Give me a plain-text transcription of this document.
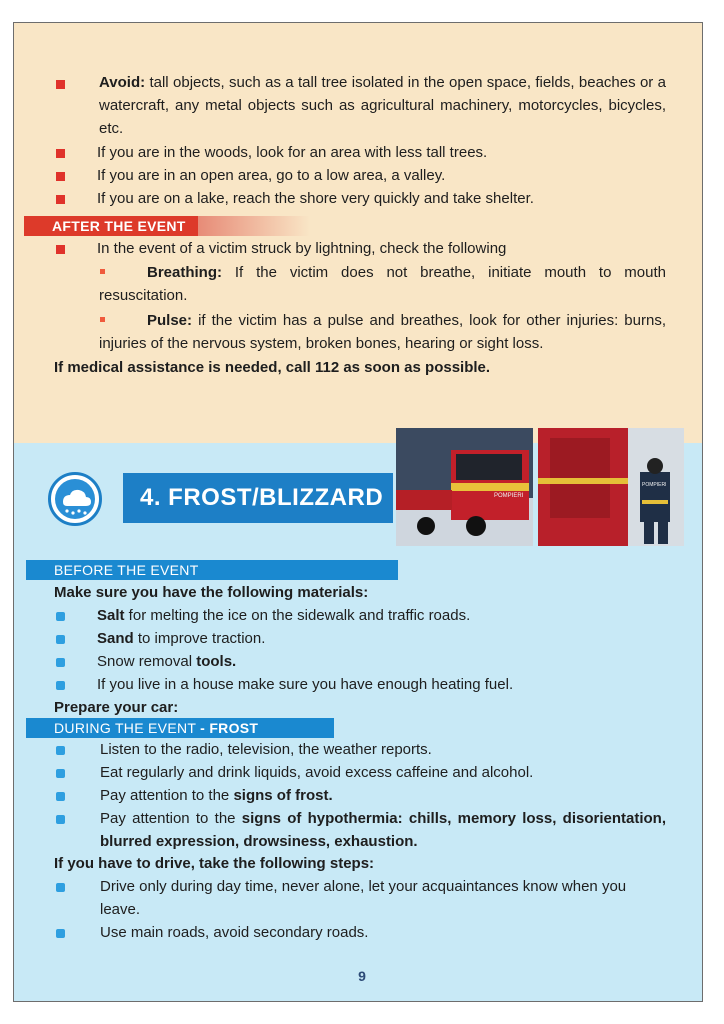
Avoid: tall objects, such as a tall tree isolated in the open space, fields, beaches or a watercraft, any metal objects such as agricultural machinery, motorcycles, bicycles, etc.

If you are in the woods, look for an area with less tall trees.

If you are in an open area, go to a low area, a valley.

If you are on a lake, reach the shore very quickly and take shelter.

AFTER THE EVENT

In the event of a victim struck by lightning, check the following

Breathing: If the victim does not breathe, initiate mouth to mouth resuscitation.

Pulse: if the victim has a pulse and breathes, look for other injuries: burns, injuries of the nervous system, broken bones, hearing or sight loss.

If medical assistance is needed, call 112 as soon as possible.

4. FROST/BLIZZARD	POMPIERI
POMPIERI
BEFORE THE EVENT

Make sure you have the following materials:

Salt for melting the ice on the sidewalk and traffic roads.

Sand to improve traction.

Snow removal tools.

If you live in a house make sure you have enough heating fuel.

Prepare your car:

DURING THE EVENT - FROST

Listen to the radio, television, the weather reports.

Eat regularly and drink liquids, avoid excess caffeine and alcohol.

Pay attention to the signs of frost.

Pay attention to the signs of hypothermia: chills, memory loss, disorientation, blurred expression, drowsiness, exhaustion.

If you have to drive, take the following steps:

Drive only during day time, never alone, let your acquaintances know when you leave.

Use main roads, avoid secondary roads.

9
